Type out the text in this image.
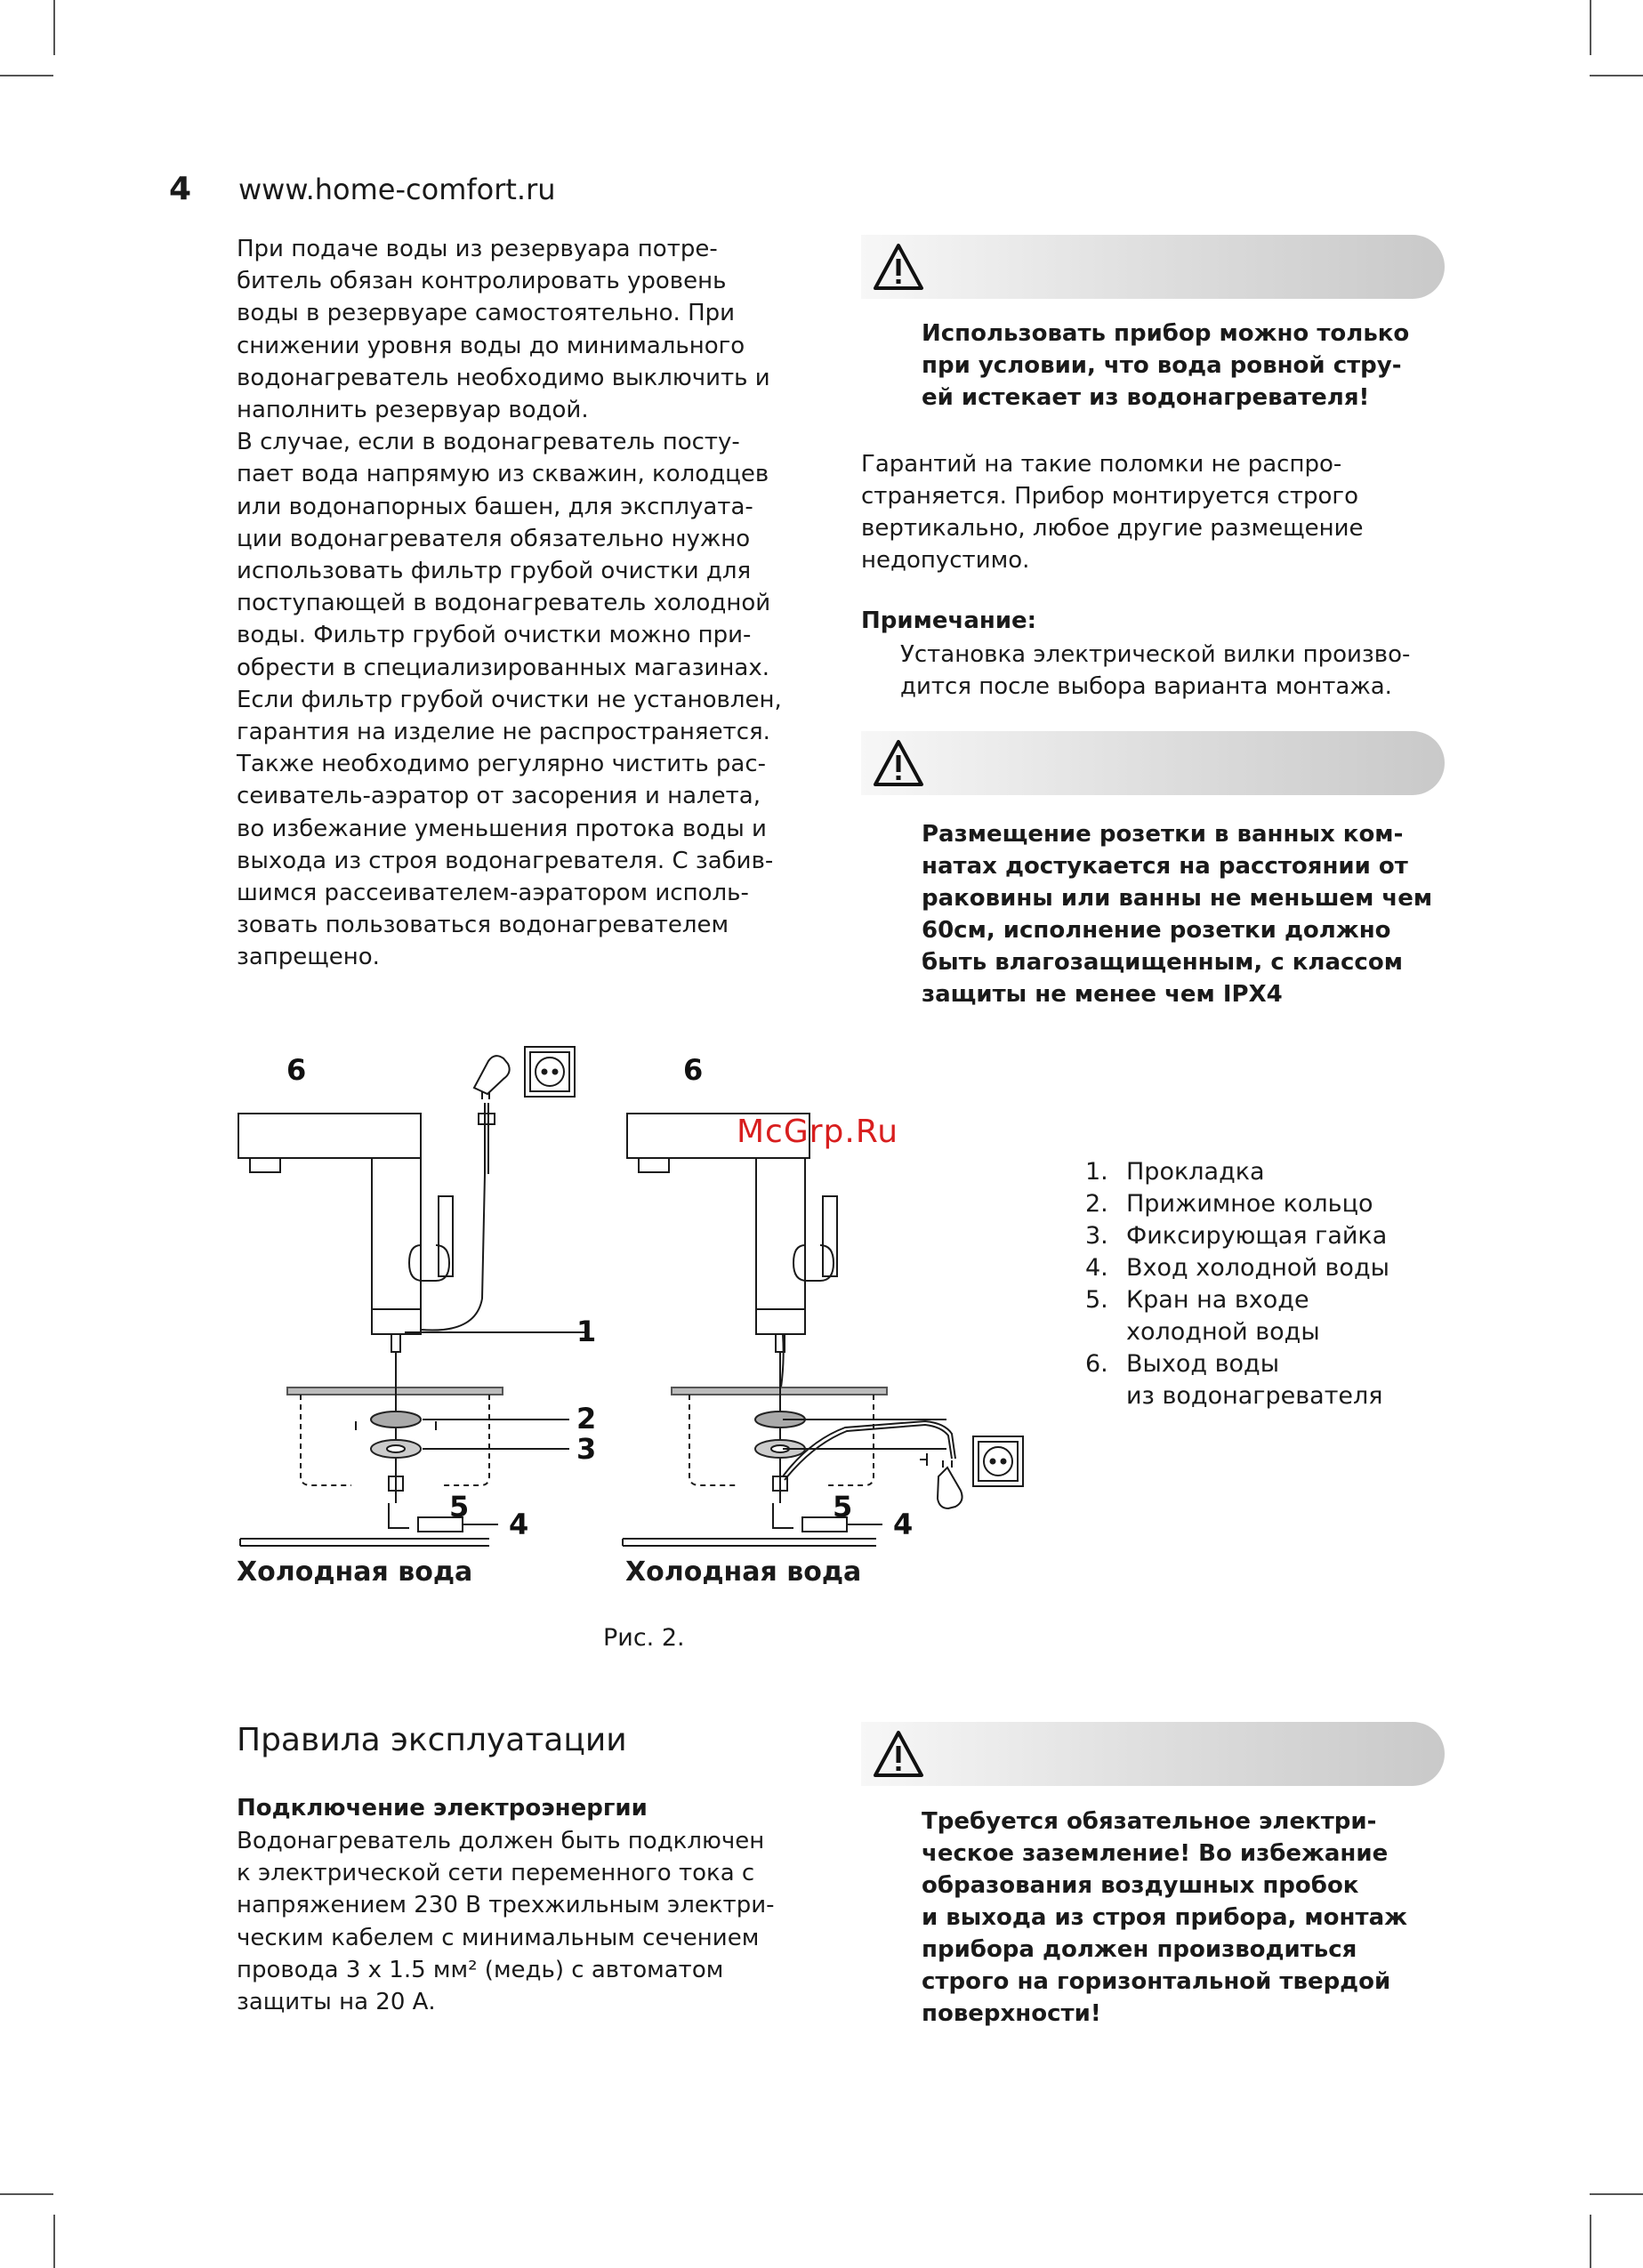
4 www.home-comfort.ru

При подаче воды из резервуара потре-
битель обязан контролировать уровень
воды в резервуаре самостоятельно. При
снижении уровня воды до минимального
водонагреватель необходимо выключить и
наполнить резервуар водой.
В случае, если в водонагреватель посту-
пает вода напрямую из скважин, колодцев
или водонапорных башен, для эксплуата-
ции водонагревателя обязательно нужно
использовать фильтр грубой очистки для
поступающей в водонагреватель холодной
воды. Фильтр грубой очистки можно при-
обрести в специализированных магазинах.
Если фильтр грубой очистки не установлен,
гарантия на изделие не распространяется.
Также необходимо регулярно чистить рас-
сеиватель-аэратор от засорения и налета,
во избежание уменьшения протока воды и
выхода из строя водонагревателя. С забив-
шимся рассеивателем-аэратором исполь-
зовать пользоваться водонагревателем
запрещено.

Использовать прибор можно только
при условии, что вода ровной стру-
ей истекает из водонагревателя!
Гарантий на такие поломки не распро-
страняется. Прибор монтируется строго
вертикально, любое другие размещение
недопустимо.
Примечание:
Установка электрической вилки произво-
дится после выбора варианта монтажа.
Размещение розетки в ванных ком-
натах достукается на расстоянии от
раковины или ванны не меньшем чем
60см, исполнение розетки должно
быть влагозащищенным, с классом
защиты не менее чем IPX4
6	6
1
2
3
5
4
5
4
McGrp.Ru
1. Прокладка
2. Прижимное кольцо
3. Фиксирующая гайка
4. Вход холодной воды
5. Кран на входе
холодной воды
6. Выход воды
из водонагревателя
Холодная вода	Холодная вода
Рис. 2.
Правила эксплуатации
Подключение электроэнергии
Водонагреватель должен быть подключен
к электрической сети переменного тока с
напряжением 230 В трехжильным электри-
ческим кабелем с минимальным сечением
провода 3 х 1.5 мм² (медь) с автоматом
защиты на 20 А.
Требуется обязательное электри-
ческое заземление! Во избежание
образования воздушных пробок
и выхода из строя прибора, монтаж
прибора должен производиться
строго на горизонтальной твердой
поверхности!
